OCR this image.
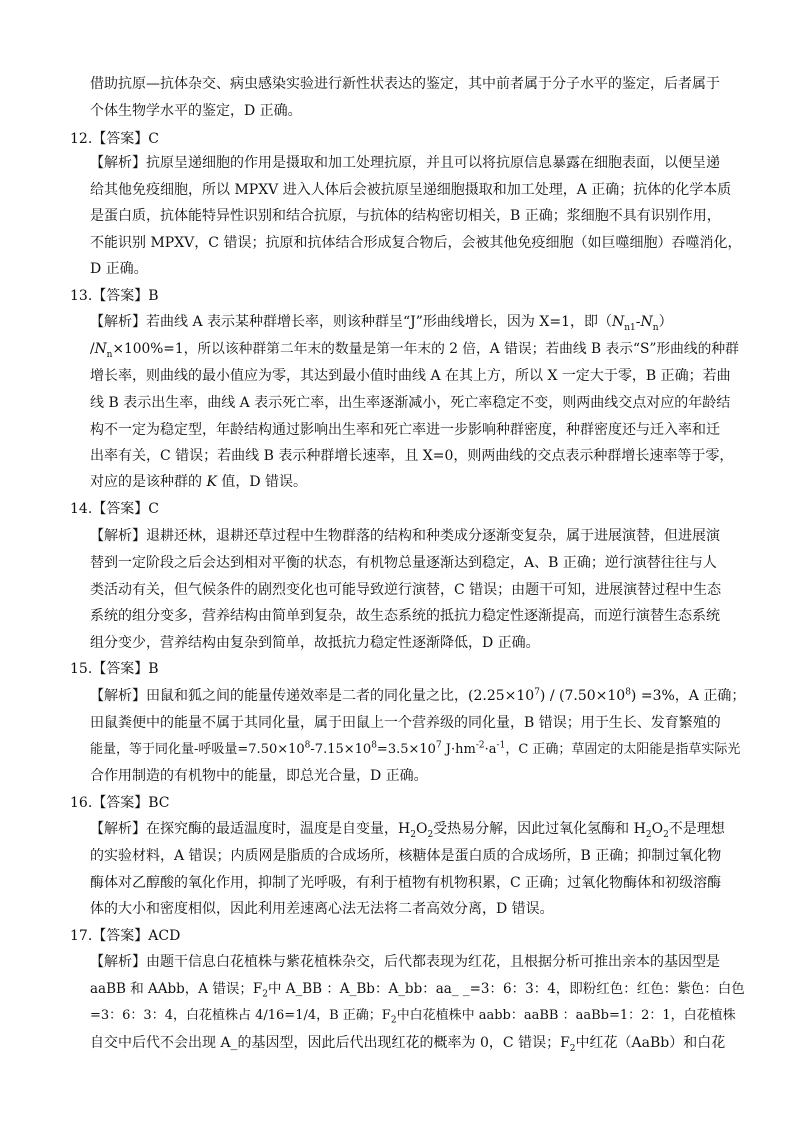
借助抗原—抗体杂交、病虫感染实验进行新性状表达的鉴定，其中前者属于分子水平的鉴定，后者属于
个体生物学水平的鉴定，D 正确。
12.【答案】C
【解析】抗原呈递细胞的作用是摄取和加工处理抗原，并且可以将抗原信息暴露在细胞表面，以便呈递
给其他免疫细胞，所以 MPXV 进入人体后会被抗原呈递细胞摄取和加工处理，A 正确；抗体的化学本质
是蛋白质，抗体能特异性识别和结合抗原，与抗体的结构密切相关，B 正确；浆细胞不具有识别作用，
不能识别 MPXV，C 错误；抗原和抗体结合形成复合物后，会被其他免疫细胞（如巨噬细胞）吞噬消化，
D 正确。
13.【答案】B
【解析】若曲线 A 表示某种群增长率，则该种群呈“J”形曲线增长，因为 X=1，即$(N_{n1}-N_n)$
$/N_n\times 100\%=1$，所以该种群第二年末的数量是第一年末的 2 倍，A 错误；若曲线 B 表示“S”形曲线的种群
增长率，则曲线的最小值应为零，其达到最小值时曲线 A 在其上方，所以 X 一定大于零，B 正确；若曲
线 B 表示出生率，曲线 A 表示死亡率，出生率逐渐减小，死亡率稳定不变，则两曲线交点对应的年龄结
构不一定为稳定型，年龄结构通过影响出生率和死亡率进一步影响种群密度，种群密度还与迁入率和迁
出率有关，C 错误；若曲线 B 表示种群增长速率，且 X=0，则两曲线的交点表示种群增长速率等于零，
对应的是该种群的 K 值，D 错误。
14.【答案】C
【解析】退耕还林，退耕还草过程中生物群落的结构和种类成分逐渐变复杂，属于进展演替，但进展演
替到一定阶段之后会达到相对平衡的状态，有机物总量逐渐达到稳定，A、B 正确；逆行演替往往与人
类活动有关，但气候条件的剧烈变化也可能导致逆行演替，C 错误；由题干可知，进展演替过程中生态
系统的组分变多，营养结构由简单到复杂，故生态系统的抵抗力稳定性逐渐提高，而逆行演替生态系统
组分变少，营养结构由复杂到简单，故抵抗力稳定性逐渐降低，D 正确。
15.【答案】B
【解析】田鼠和狐之间的能量传递效率是二者的同化量之比，$(2.25\times 10^7) / (7.50\times 10^8) =3\%$，A 正确；
田鼠粪便中的能量不属于其同化量，属于田鼠上一个营养级的同化量，B 错误；用于生长、发育繁殖的
能量，等于同化量-呼吸量$=7.50\times 10^8-7.15\times 10^8=3.5\times 10^7$ $J\cdot hm^{-2}\cdot a^{-1}$，C 正确；草固定的太阳能是指草实际光
合作用制造的有机物中的能量，即总光合量，D 正确。
16.【答案】BC
【解析】在探究酶的最适温度时，温度是自变量，$H_2O_2$受热易分解，因此过氧化氢酶和 $H_2O_2$不是理想
的实验材料，A 错误；内质网是脂质的合成场所，核糖体是蛋白质的合成场所，B 正确；抑制过氧化物
酶体对乙醇酸的氧化作用，抑制了光呼吸，有利于植物有机物积累，C 正确；过氧化物酶体和初级溶酶
体的大小和密度相似，因此利用差速离心法无法将二者高效分离，D 错误。
17.【答案】ACD
【解析】由题干信息白花植株与紫花植株杂交，后代都表现为红花，且根据分析可推出亲本的基因型是
aaBB 和 AAbb，A 错误；$F_2$中 A_BB ：A_Bb：A_bb：aa_ _=3：6：3：4，即粉红色：红色：紫色：白色
=3：6：3：4，白花植株占 4/16=1/4，B 正确；$F_2$中白花植株中 aabb：aaBB ：aaBb=1：2：1，白花植株
自交中后代不会出现 A_的基因型，因此后代出现红花的概率为 0，C 错误；$F_2$中红花（AaBb）和白花
